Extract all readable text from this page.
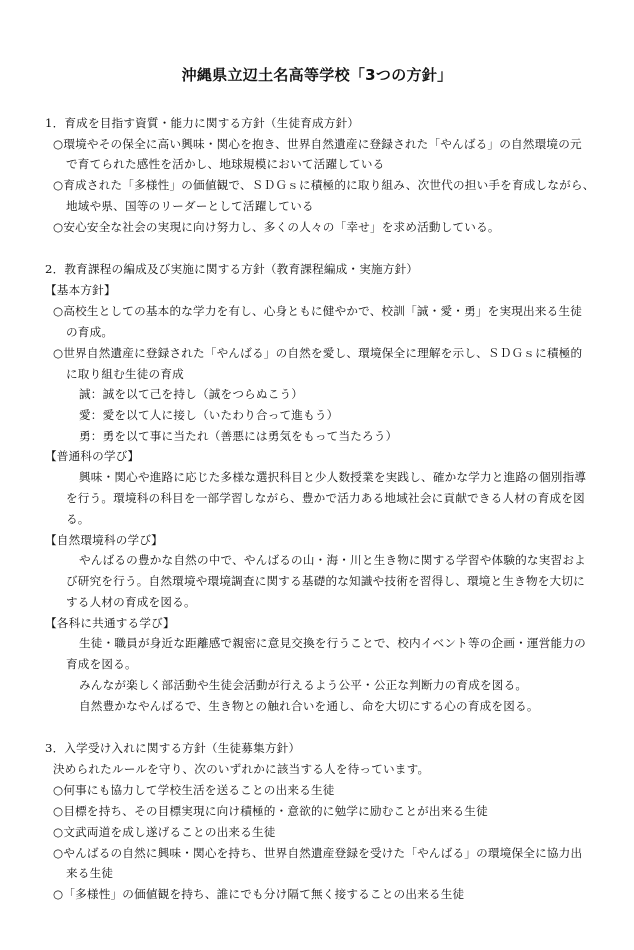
沖縄県立辺土名高等学校「3つの方針」
1．育成を目指す資質・能力に関する方針（生徒育成方針）
○環境やその保全に高い興味・関心を抱き、世界自然遺産に登録された「やんばる」の自然環境の元
で育てられた感性を活かし、地球規模において活躍している
○育成された「多様性」の価値観で、ＳＤＧｓに積極的に取り組み、次世代の担い手を育成しながら、
地域や県、国等のリーダーとして活躍している
○安心安全な社会の実現に向け努力し、多くの人々の「幸せ」を求め活動している。
2．教育課程の編成及び実施に関する方針（教育課程編成・実施方針）
【基本方針】
○高校生としての基本的な学力を有し、心身ともに健やかで、校訓「誠・愛・勇」を実現出来る生徒
の育成。
○世界自然遺産に登録された「やんばる」の自然を愛し、環境保全に理解を示し、ＳＤＧｓに積極的
に取り組む生徒の育成
誠：誠を以て己を持し（誠をつらぬこう）
愛：愛を以て人に接し（いたわり合って進もう）
勇：勇を以て事に当たれ（善悪には勇気をもって当たろう）
【普通科の学び】
興味・関心や進路に応じた多様な選択科目と少人数授業を実践し、確かな学力と進路の個別指導
を行う。環境科の科目を一部学習しながら、豊かで活力ある地域社会に貢献できる人材の育成を図
る。
【自然環境科の学び】
やんばるの豊かな自然の中で、やんばるの山・海・川と生き物に関する学習や体験的な実習およ
び研究を行う。自然環境や環境調査に関する基礎的な知識や技術を習得し、環境と生き物を大切に
する人材の育成を図る。
【各科に共通する学び】
生徒・職員が身近な距離感で親密に意見交換を行うことで、校内イベント等の企画・運営能力の
育成を図る。
みんなが楽しく部活動や生徒会活動が行えるよう公平・公正な判断力の育成を図る。
自然豊かなやんばるで、生き物との触れ合いを通し、命を大切にする心の育成を図る。
3．入学受け入れに関する方針（生徒募集方針）
決められたルールを守り、次のいずれかに該当する人を待っています。
○何事にも協力して学校生活を送ることの出来る生徒
○目標を持ち、その目標実現に向け積極的・意欲的に勉学に励むことが出来る生徒
○文武両道を成し遂げることの出来る生徒
○やんばるの自然に興味・関心を持ち、世界自然遺産登録を受けた「やんばる」の環境保全に協力出
来る生徒
○「多様性」の価値観を持ち、誰にでも分け隔て無く接することの出来る生徒
